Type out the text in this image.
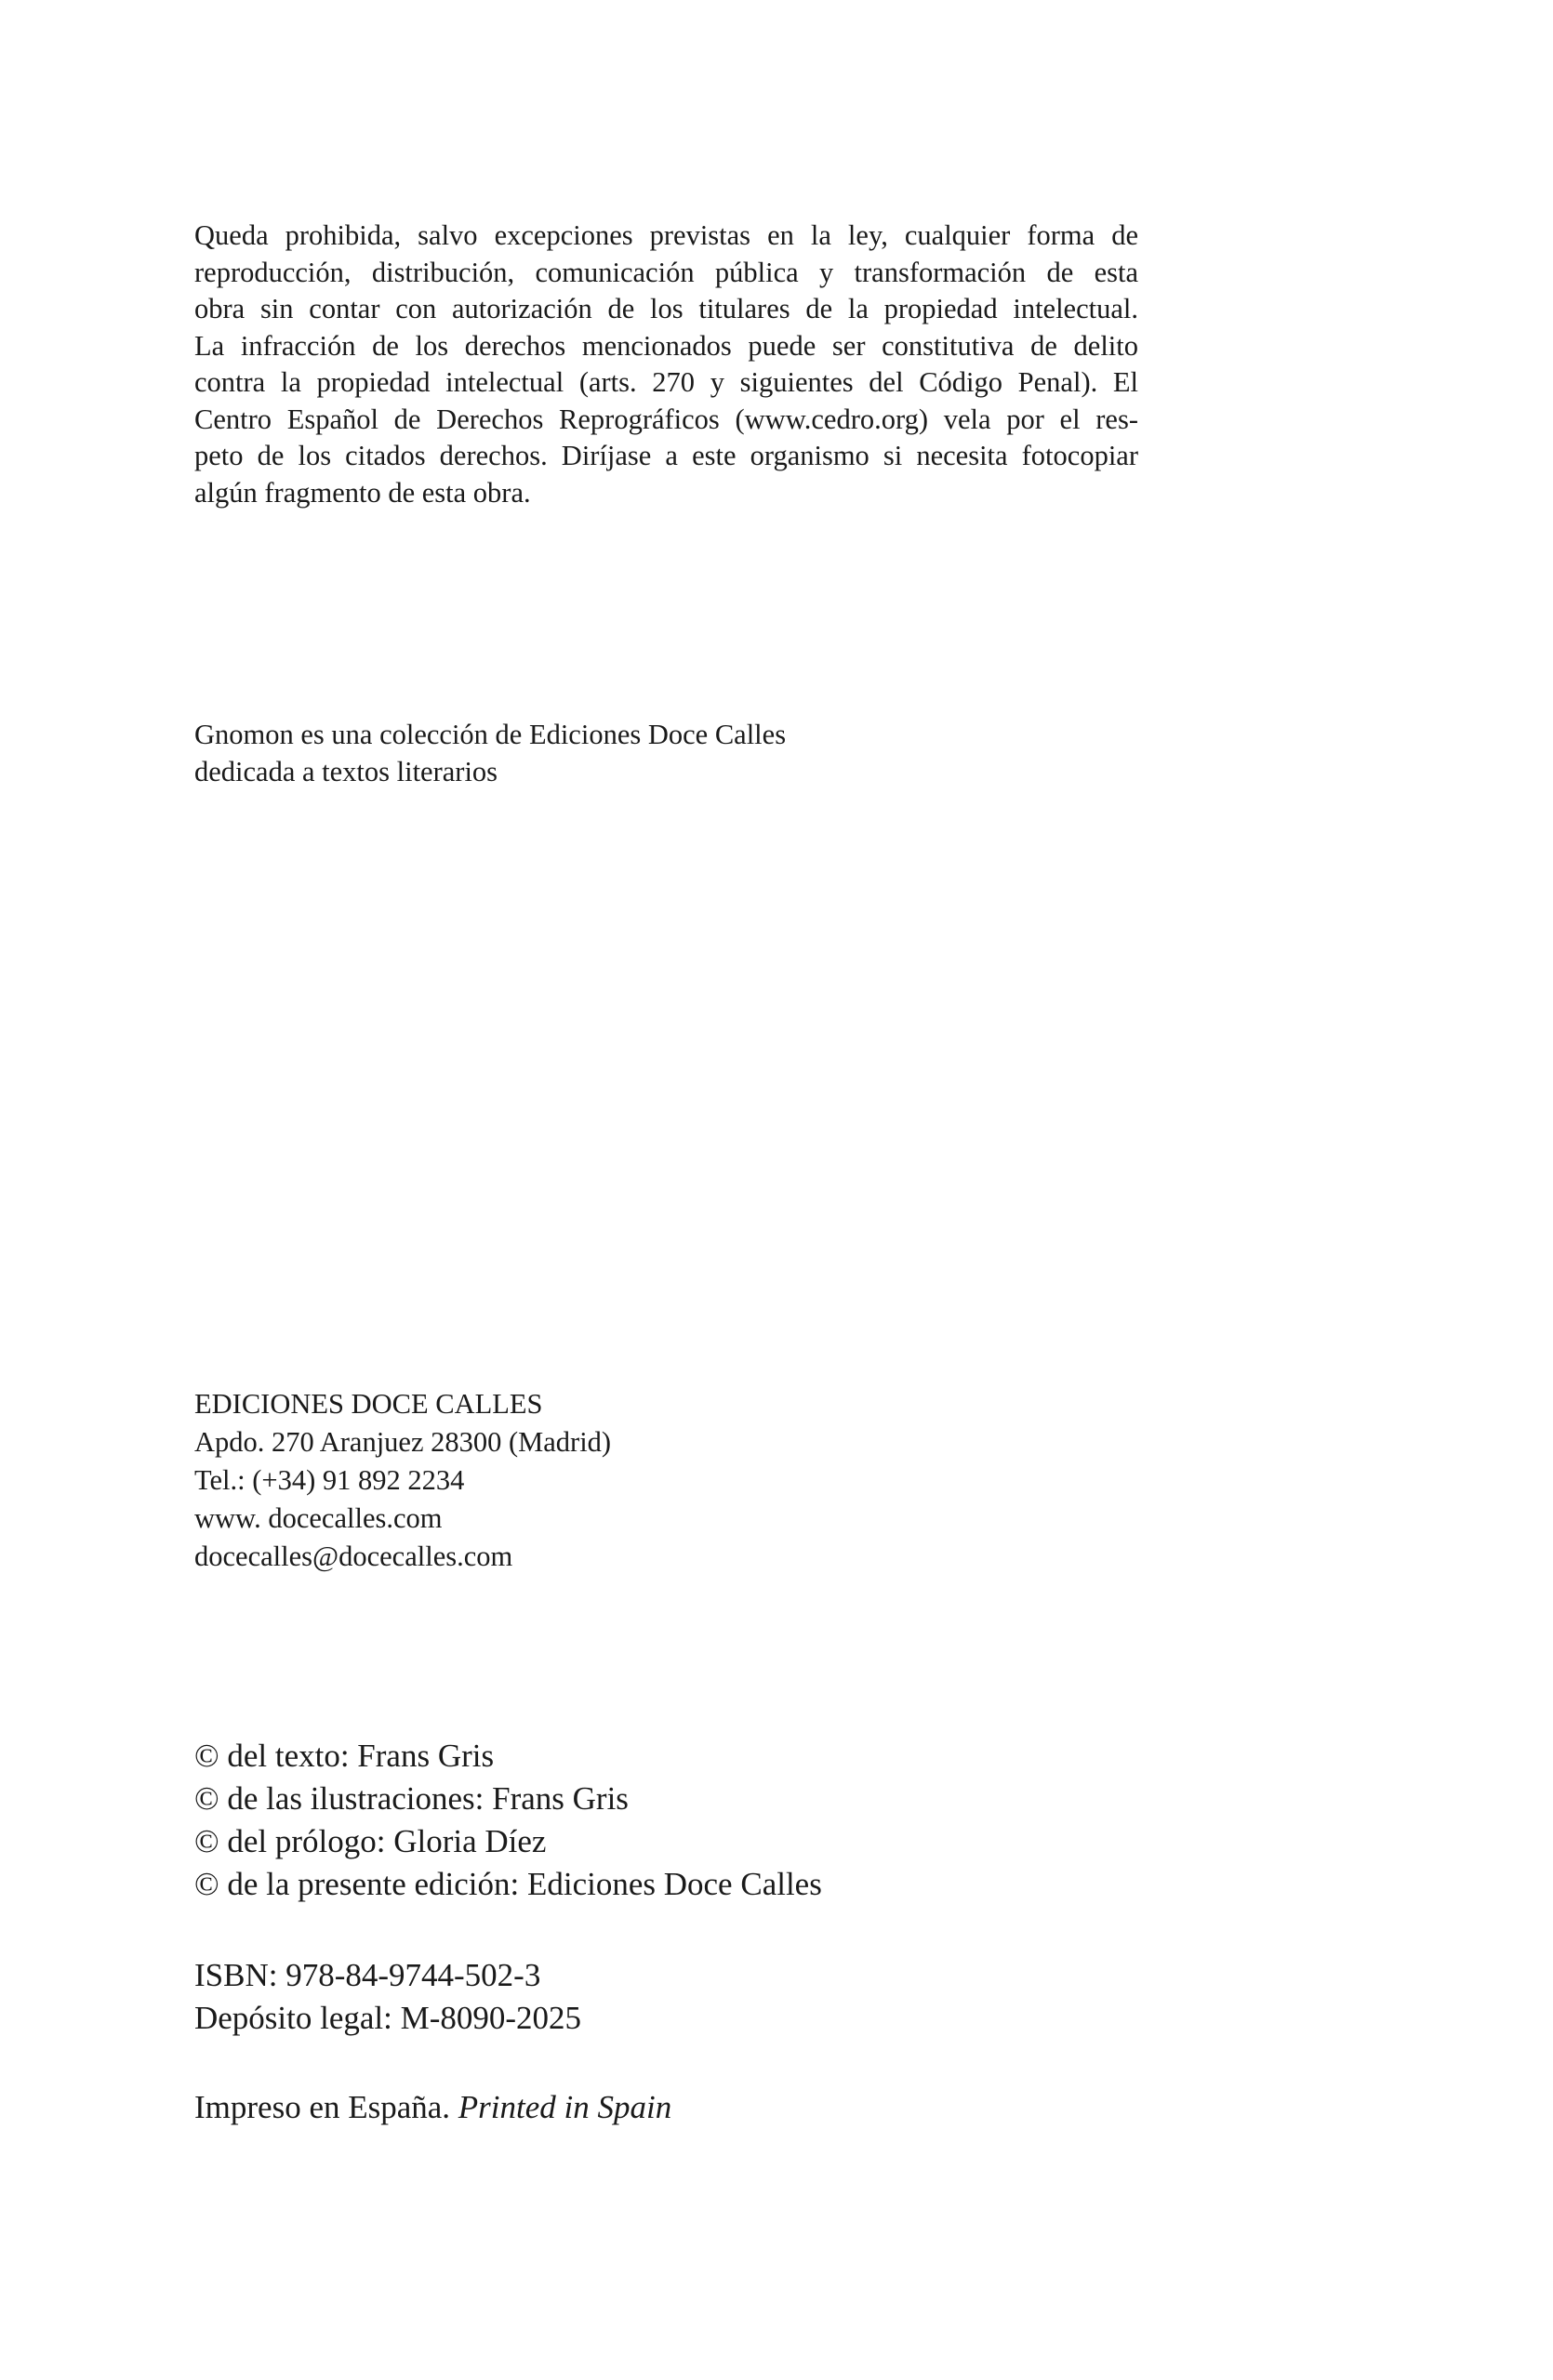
Queda prohibida, salvo excepciones previstas en la ley, cualquier forma de
reproducción, distribución, comunicación pública y transformación de esta
obra sin contar con autorización de los titulares de la propiedad intelectual.
La infracción de los derechos mencionados puede ser constitutiva de delito
contra la propiedad intelectual (arts. 270 y siguientes del Código Penal). El
Centro Español de Derechos Reprográficos (www.cedro.org) vela por el res-
peto de los citados derechos. Diríjase a este organismo si necesita fotocopiar
algún fragmento de esta obra.
Gnomon es una colección de Ediciones Doce Calles
dedicada a textos literarios
EDICIONES DOCE CALLES
Apdo. 270 Aranjuez 28300 (Madrid)
Tel.: (+34) 91 892 2234
www. docecalles.com
docecalles@docecalles.com
© del texto: Frans Gris
© de las ilustraciones: Frans Gris
© del prólogo: Gloria Díez
© de la presente edición: Ediciones Doce Calles
ISBN: 978-84-9744-502-3
Depósito legal: M-8090-2025
Impreso en España. Printed in Spain
